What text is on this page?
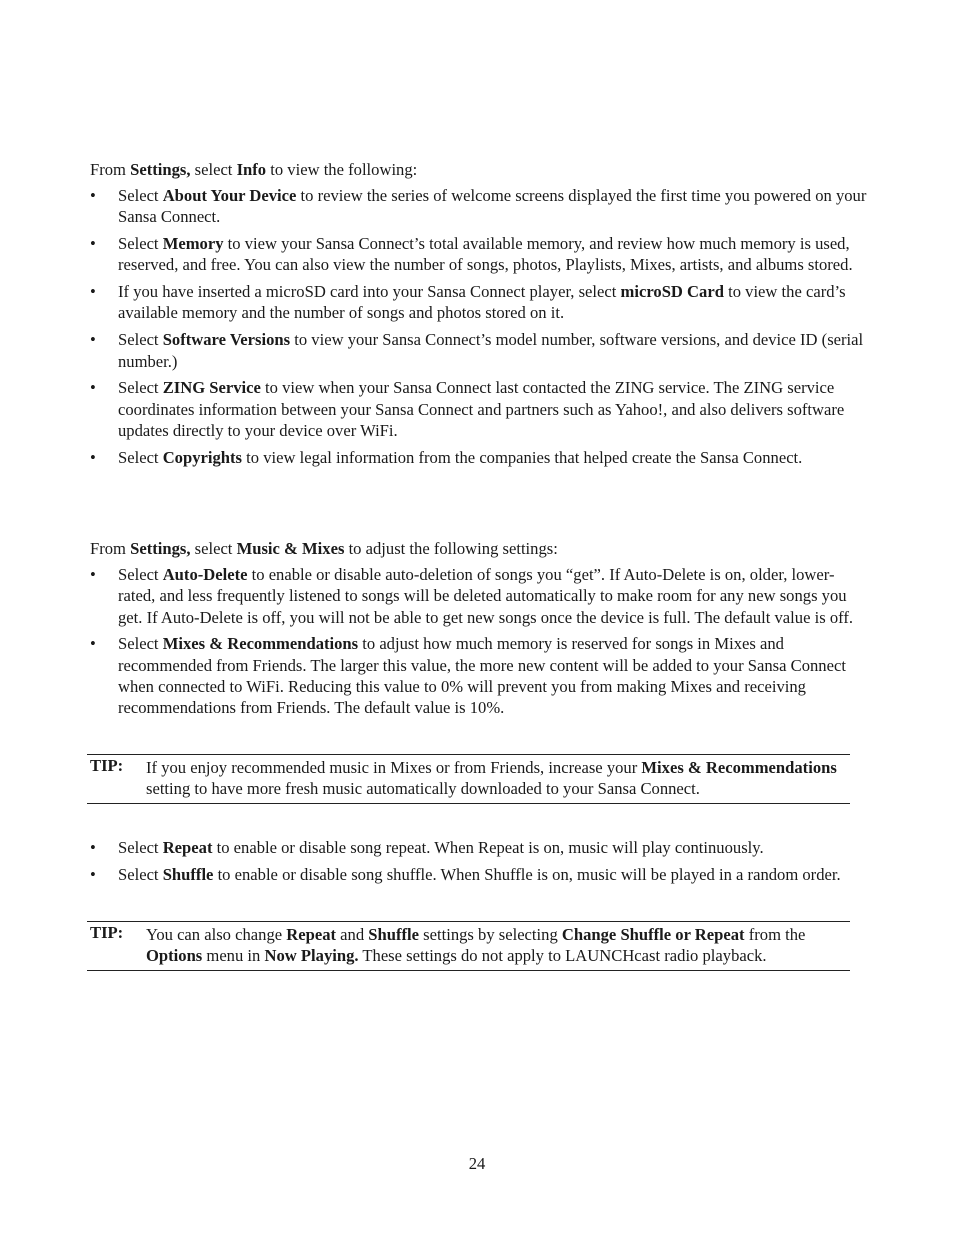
From Settings, select Info to view the following:

• Select About Your Device to review the series of welcome screens displayed the first time you powered on your Sansa Connect.
• Select Memory to view your Sansa Connect’s total available memory, and review how much memory is used, reserved, and free. You can also view the number of songs, photos, Playlists, Mixes, artists, and albums stored.
• If you have inserted a microSD card into your Sansa Connect player, select microSD Card to view the card’s available memory and the number of songs and photos stored on it.
• Select Software Versions to view your Sansa Connect’s model number, software versions, and device ID (serial number.)
• Select ZING Service to view when your Sansa Connect last contacted the ZING service. The ZING service coordinates information between your Sansa Connect and partners such as Yahoo!, and also delivers software updates directly to your device over WiFi.
• Select Copyrights to view legal information from the companies that helped create the Sansa Connect.

From Settings, select Music & Mixes to adjust the following settings:

• Select Auto-Delete to enable or disable auto-deletion of songs you “get”. If Auto-Delete is on, older, lower-rated, and less frequently listened to songs will be deleted automatically to make room for any new songs you get. If Auto-Delete is off, you will not be able to get new songs once the device is full. The default value is off.
• Select Mixes & Recommendations to adjust how much memory is reserved for songs in Mixes and recommended from Friends. The larger this value, the more new content will be added to your Sansa Connect when connected to WiFi. Reducing this value to 0% will prevent you from making Mixes and receiving recommendations from Friends. The default value is 10%.
TIP: If you enjoy recommended music in Mixes or from Friends, increase your Mixes & Recommendations setting to have more fresh music automatically downloaded to your Sansa Connect.
• Select Repeat to enable or disable song repeat. When Repeat is on, music will play continuously.
• Select Shuffle to enable or disable song shuffle. When Shuffle is on, music will be played in a random order.
TIP: You can also change Repeat and Shuffle settings by selecting Change Shuffle or Repeat from the Options menu in Now Playing. These settings do not apply to LAUNCHcast radio playback.
24
